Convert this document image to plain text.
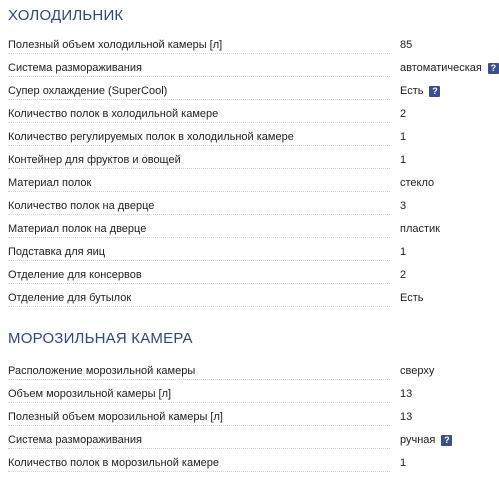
ХОЛОДИЛЬНИК
Полезный объем холодильной камеры [л]	85
Система размораживания	автоматическая ?
Супер охлаждение (SuperCool)	Есть ?
Количество полок в холодильной камере	2
Количество регулируемых полок в холодильной камере	1
Контейнер для фруктов и овощей	1
Материал полок	стекло
Количество полок на дверце	3
Материал полок на дверце	пластик
Подставка для яиц	1
Отделение для консервов	2
Отделение для бутылок	Есть
МОРОЗИЛЬНАЯ КАМЕРА
Расположение морозильной камеры	сверху
Объем морозильной камеры [л]	13
Полезный объем морозильной камеры [л]	13
Система размораживания	ручная ?
Количество полок в морозильной камере	1
